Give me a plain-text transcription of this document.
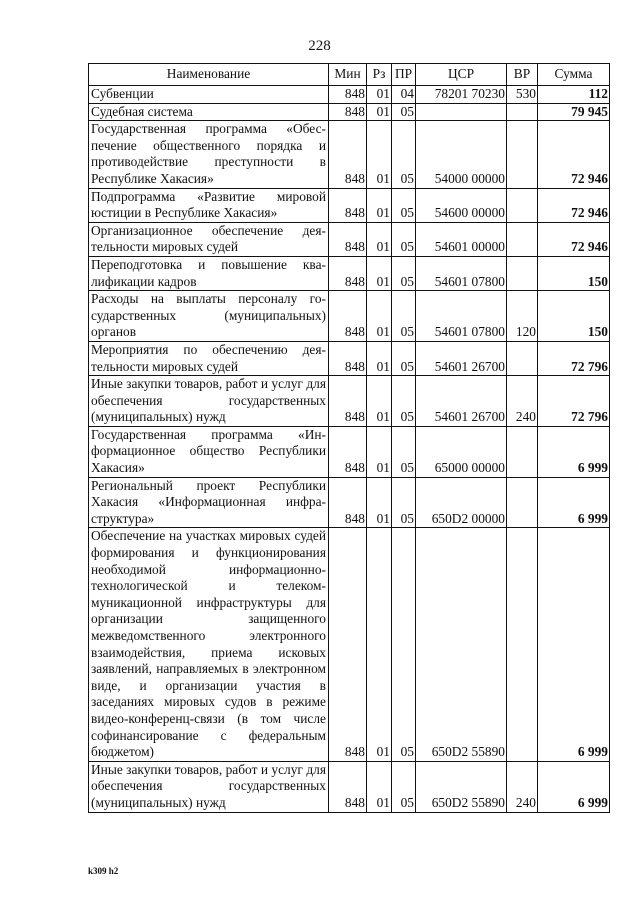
228
Наименование	Мин	Рз	ПР	ЦСР	ВР	Сумма
Субвенции	848	01	04	78201 70230	530	112
Судебная система	848	01	05			79 945
Государственная программа «Обеспечение общественного порядка и противодействие преступности в Республике Хакасия»	848	01	05	54000 00000		72 946
Подпрограмма «Развитие мировой юстиции в Республике Хакасия»	848	01	05	54600 00000		72 946
Организационное обеспечение деятельности мировых судей	848	01	05	54601 00000		72 946
Переподготовка и повышение квалификации кадров	848	01	05	54601 07800		150
Расходы на выплаты персоналу государственных (муниципальных) органов	848	01	05	54601 07800	120	150
Мероприятия по обеспечению деятельности мировых судей	848	01	05	54601 26700		72 796
Иные закупки товаров, работ и услуг для обеспечения государственных (муниципальных) нужд	848	01	05	54601 26700	240	72 796
Государственная программа «Информационное общество Республики Хакасия»	848	01	05	65000 00000		6 999
Региональный проект Республики Хакасия «Информационная инфраструктура»	848	01	05	650D2 00000		6 999
Обеспечение на участках мировых судей формирования и функционирования необходимой информационно-технологической и телекоммуникационной инфраструктуры для организации защищенного межведомственного электронного взаимодействия, приема исковых заявлений, направляемых в электронном виде, и организации участия в заседаниях мировых судов в режиме видео-конференц-связи (в том числе софинансирование с федеральным бюджетом)	848	01	05	650D2 55890		6 999
Иные закупки товаров, работ и услуг для обеспечения государственных (муниципальных) нужд	848	01	05	650D2 55890	240	6 999
k309 h2
